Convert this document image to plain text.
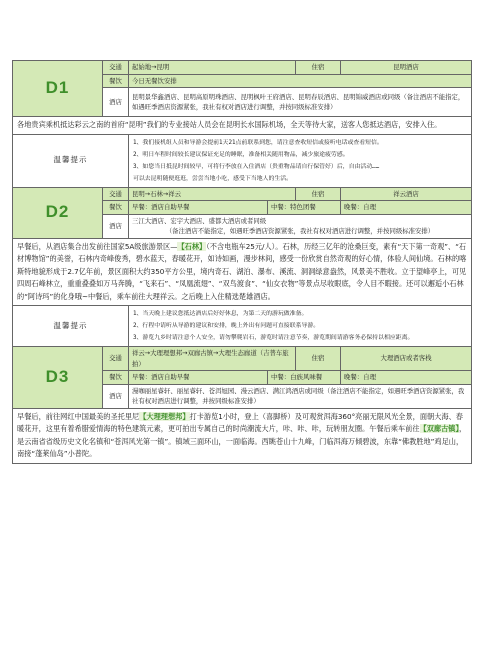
D1	交通	起始地→昆明		住宿	昆明酒店
	餐饮	今日无餐饮安排			
	酒店	昆明景华鑫酒店、昆明高原明珠酒店、昆明枫叶王府酒店、昆明春辰酒店、昆明锦威酒店或同级（备注酒店不能指定，如遇旺季酒店资源紧张，我社有权对酒店进行调整，并按同级标准安排）			
各地贵宾乘机抵达彩云之南的首府“昆明”我们的专业接站人员会在昆明长水国际机场，全天等待大家，送客人您抵达酒店，安排入住。					
温馨提示		1、我们接机组人员和导游会提前1天21点前联系到您，请注意查收短信或接听电话或查看短信。
2、明日车程时间较长建议保证充足的睡眠，准备相关随用物品，减少旅途疲劳感。
3、如您当日抵昆时间较早，可将行李放在入住酒店（贵重物品请自行保管好）后，自由活动……
可以去昆明随便逛逛，尝尝当地小吃，感受下当地人的生活。			

D2	交通	昆明→石林→祥云		住宿	祥云酒店
	餐饮	早餐：酒店自助早餐	中餐：特色团餐		晚餐：自理
	酒店	三江大酒店、宏宇大酒店、盛都大酒店或者同级
（备注酒店不能指定，如遇旺季酒店资源紧张，我社有权对酒店进行调整，并按同级标准安排）			

早餐后，从酒店集合出发前往国家5A级旅游景区—【石林】（不含电瓶车25元/人）。石林，历经三亿年的沧桑巨变，素有“天下第一奇观”、“石材博物馆”的美誉，石林内奇峰俊秀，碧水蓝天，春暖花开，如诗如画，漫步林间，感受一份欣赏自然奇观的好心情，体验人间仙境。石林的喀斯特地貌形成于2.7亿年前，景区面积大约350平方公里，境内奇石、湖泊、瀑布、溪流、洞洞绿意盎然，风景美不胜收。立于望峰亭上，可见四周石峰林立，重重叠叠如万马奔腾，“飞来石”、“凤凰流翅”、“双鸟渡食”、“仙女衣物”等景点尽收眼底，令人目不暇接。还可以邂逅小石林的“阿诗玛”的化身哦~中餐后，乘车前往大理祥云。之后晚上入住精选楚雄酒店。					
温馨提示		1、当天晚上建议您抵达酒店后好好休息，为第二天的游玩做准备。
2、行程中请听从导游的建议和安排，晚上外出有问题可直接联系导游。
3、游览九乡时请注意个人安全，请勿攀爬岩石，游览时请注意节奏，游览期间请游客务必保持以相应距离。			

D3	交通	祥云→大理理想邦→双廊古镇→大理生态廊道（吉普车旅拍）		住宿	大理酒店或者客栈
	餐饮	早餐：酒店自助早餐	中餐：白族风味餐		晚餐：自理
	酒店	漫咖丽星睿轩、丽星睿轩、苍洱旭园、漫云酒店、满江鸿酒店或同级（备注酒店不能指定，如遇旺季酒店资源紧张，我社有权对酒店进行调整，并按同级标准安排）			
早餐后，前往网红中国最美的圣托里尼【大理理想邦】打卡游览1小时，登上（喜脚桥）及可观赏洱海360°亮丽无限风光全景，面朝大海、春暖花开，这里有着希腊爱情海的特色建筑元素，更可拍出专属自己的时尚潮流大片，咔、咔、咔，玩转朋友圈。午餐后乘车前往【双廊古镇】，是云南省省级历史文化名镇和“苍洱风光第一镇”。镇域三面环山，一面临海。西眺苍山十九峰，门临洱海万倾碧波，东靠“佛教胜地”鸡足山，南接“蓬莱仙岛”小普陀。					
